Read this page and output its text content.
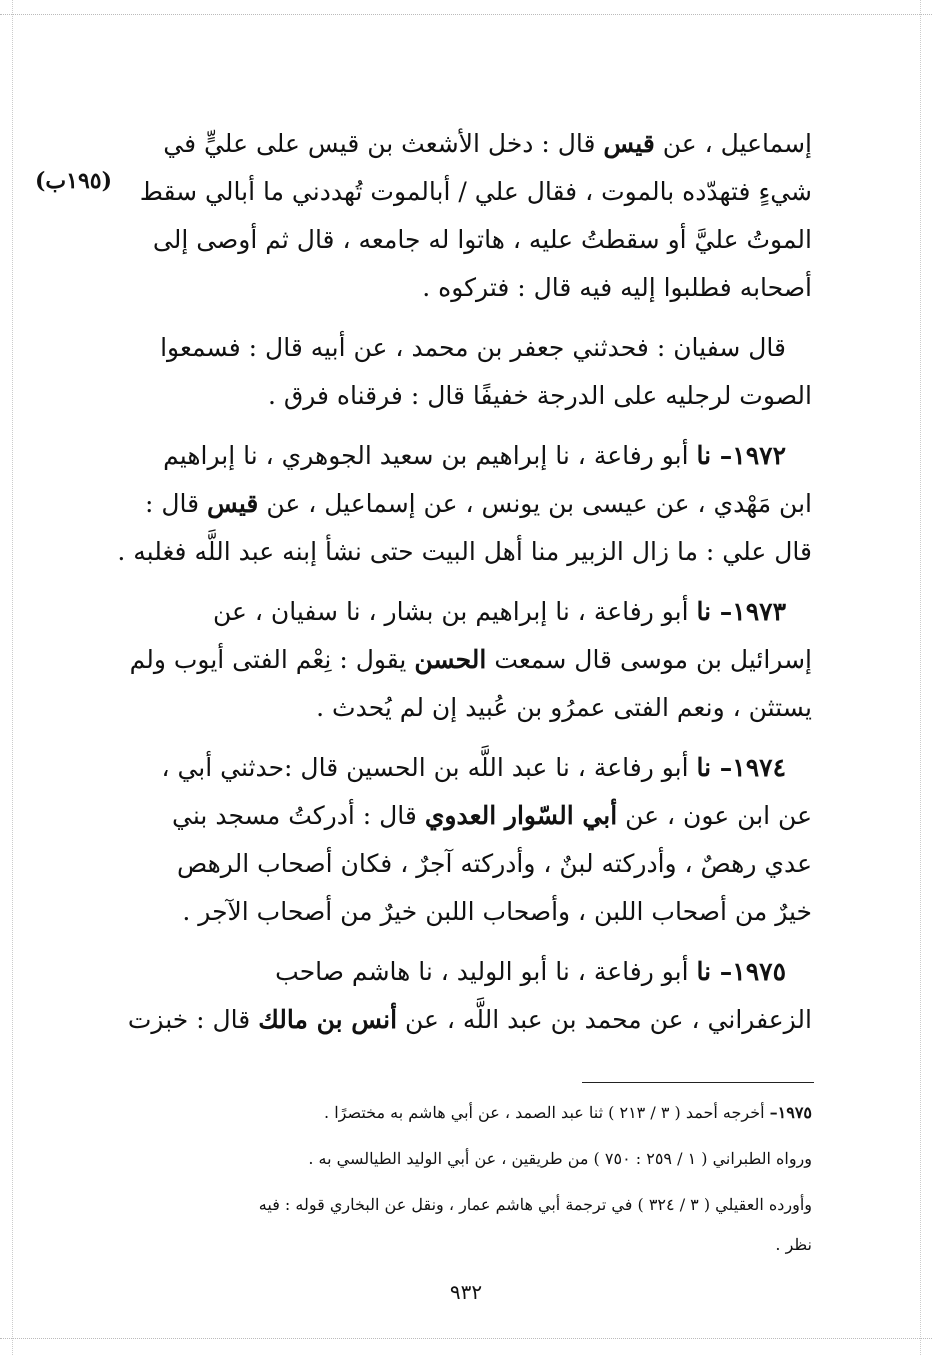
(١٩٥ب)
إسماعيل ، عن قيس قال : دخل الأشعث بن قيس على عليٍّ في
شيءٍ فتهدّده بالموت ، فقال علي / أبالموت تُهددني ما أبالي سقط
الموتُ عليَّ أو سقطتُ عليه ، هاتوا له جامعه ، قال ثم أوصى إلى
أصحابه فطلبوا إليه فيه قال : فتركوه .
قال سفيان : فحدثني جعفر بن محمد ، عن أبيه قال : فسمعوا
الصوت لرجليه على الدرجة خفيفًا قال : فرقناه فرق .
١٩٧٢– نا أبو رفاعة ، نا إبراهيم بن سعيد الجوهري ، نا إبراهيم
ابن مَهْدي ، عن عيسى بن يونس ، عن إسماعيل ، عن قيس قال :
قال علي : ما زال الزبير منا أهل البيت حتى نشأ إبنه عبد اللَّه فغلبه .
١٩٧٣– نا أبو رفاعة ، نا إبراهيم بن بشار ، نا سفيان ، عن
إسرائيل بن موسى قال سمعت الحسن يقول : نِعْم الفتى أيوب ولم
يستثن ، ونعم الفتى عمرُو بن عُبيد إن لم يُحدث .
١٩٧٤– نا أبو رفاعة ، نا عبد اللَّه بن الحسين قال :حدثني أبي ،
عن ابن عون ، عن أبي السّوار العدوي قال : أدركتُ مسجد بني
عدي رهصٌ ، وأدركته لبنٌ ، وأدركته آجرٌ ، فكان أصحاب الرهص
خيرٌ من أصحاب اللبن ، وأصحاب اللبن خيرٌ من أصحاب الآجر .
١٩٧٥– نا أبو رفاعة ، نا أبو الوليد ، نا هاشم صاحب
الزعفراني ، عن محمد بن عبد اللَّه ، عن أنس بن مالك قال : خبزت
١٩٧٥– أخرجه أحمد ( ٣ / ٢١٣ ) ثنا عبد الصمد ، عن أبي هاشم به مختصرًا .
ورواه الطبراني ( ١ / ٢٥٩ : ٧٥٠ ) من طريقين ، عن أبي الوليد الطيالسي به .
وأورده العقيلي ( ٣ / ٣٢٤ ) في ترجمة أبي هاشم عمار ، ونقل عن البخاري قوله : فيه
نظر .
٩٣٢
